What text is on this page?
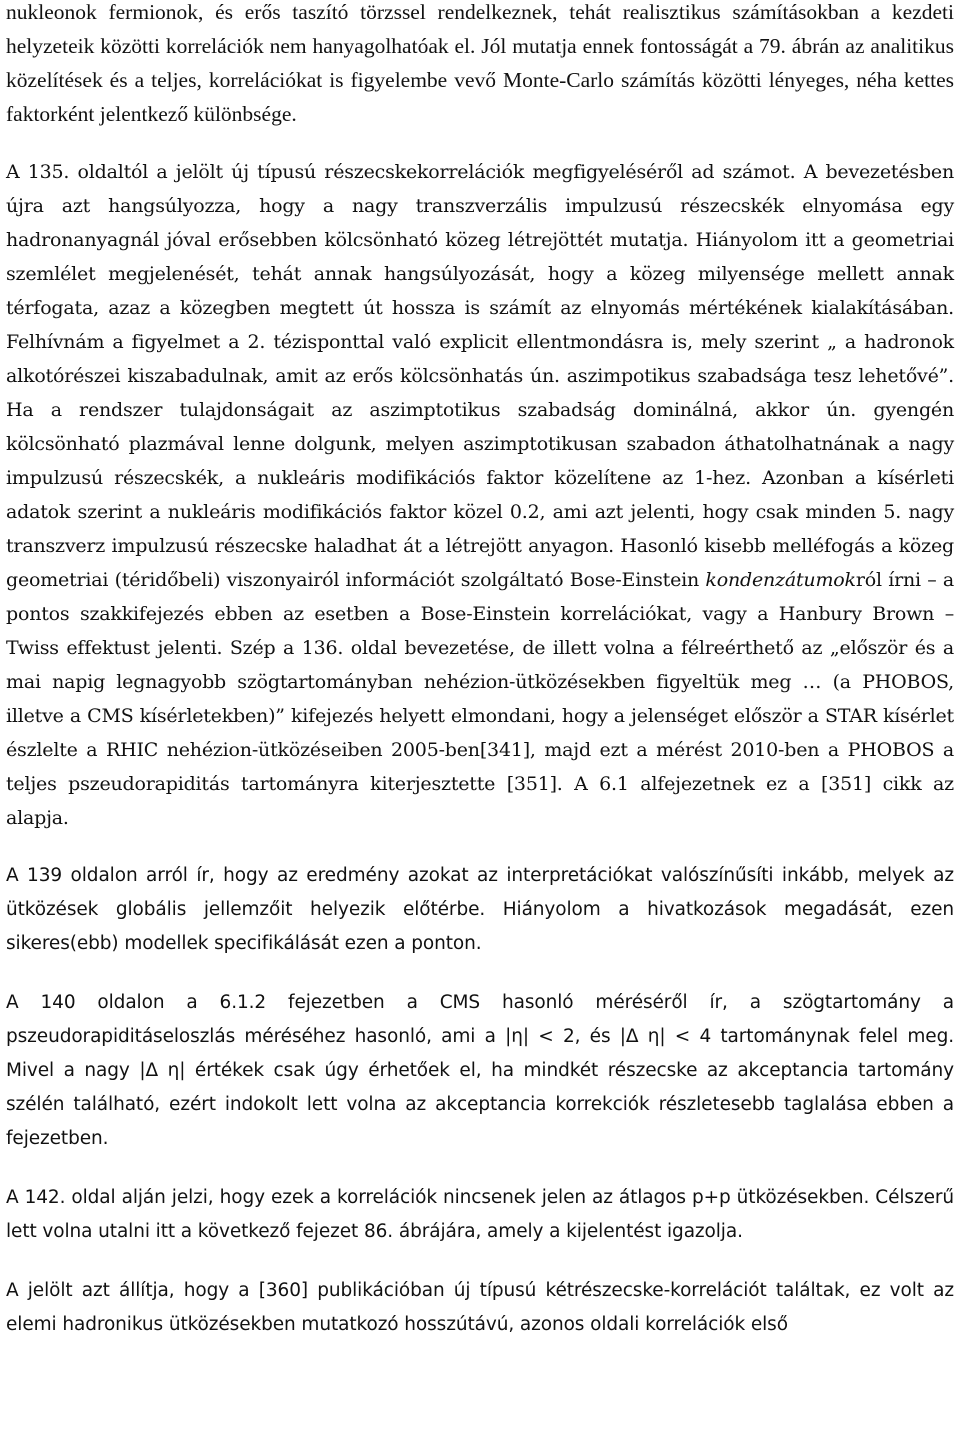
nukleonok fermionok, és erős taszító törzssel rendelkeznek, tehát realisztikus számításokban a kezdeti helyzeteik közötti korrelációk nem hanyagolhatóak el. Jól mutatja ennek fontosságát a 79. ábrán az analitikus közelítések és a teljes, korrelációkat is figyelembe vevő Monte-Carlo számítás közötti lényeges, néha kettes faktorként jelentkező különbsége.

A 135. oldaltól a jelölt új típusú részecskekorrelációk megfigyeléséről ad számot. A bevezetésben újra azt hangsúlyozza, hogy a nagy transzverzális impulzusú részecskék elnyomása egy hadronanyagnál jóval erősebben kölcsönható közeg létrejöttét mutatja. Hiányolom itt a geometriai szemlélet megjelenését, tehát annak hangsúlyozását, hogy a közeg milyensége mellett annak térfogata, azaz a közegben megtett út hossza is számít az elnyomás mértékének kialakításában. Felhívnám a figyelmet a 2. tézisponttal való explicit ellentmondásra is, mely szerint „ a hadronok alkotórészei kiszabadulnak, amit az erős kölcsönhatás ún. aszimpotikus szabadsága tesz lehetővé”. Ha a rendszer tulajdonságait az aszimptotikus szabadság dominálná, akkor ún. gyengén kölcsönható plazmával lenne dolgunk, melyen aszimptotikusan szabadon áthatolhatnának a nagy impulzusú részecskék, a nukleáris modifikációs faktor közelítene az 1-hez. Azonban a kísérleti adatok szerint a nukleáris modifikációs faktor közel 0.2, ami azt jelenti, hogy csak minden 5. nagy transzverz impulzusú részecske haladhat át a létrejött anyagon. Hasonló kisebb melléfogás a közeg geometriai (téridőbeli) viszonyairól információt szolgáltató Bose-Einstein kondenzátumokról írni – a pontos szakkifejezés ebben az esetben a Bose-Einstein korrelációkat, vagy a Hanbury Brown – Twiss effektust jelenti. Szép a 136. oldal bevezetése, de illett volna a félreérthető az „először és a mai napig legnagyobb szögtartományban nehézion-ütközésekben figyeltük meg … (a PHOBOS, illetve a CMS kísérletekben)” kifejezés helyett elmondani, hogy a jelenséget először a STAR kísérlet észlelte a RHIC nehézion-ütközéseiben 2005-ben[341], majd ezt a mérést 2010-ben a PHOBOS a teljes pszeudorapiditás tartományra kiterjesztette [351]. A 6.1 alfejezetnek ez a [351] cikk az alapja.

A 139 oldalon arról ír, hogy az eredmény azokat az interpretációkat valószínűsíti inkább, melyek az ütközések globális jellemzőit helyezik előtérbe. Hiányolom a hivatkozások megadását, ezen sikeres(ebb) modellek specifikálását ezen a ponton.

A 140 oldalon a 6.1.2 fejezetben a CMS hasonló méréséről ír, a szögtartomány a pszeudorapiditáseloszlás méréséhez hasonló, ami a |η| < 2, és |Δ η| < 4 tartománynak felel meg. Mivel a nagy |Δ η| értékek csak úgy érhetőek el, ha mindkét részecske az akceptancia tartomány szélén található, ezért indokolt lett volna az akceptancia korrekciók részletesebb taglalása ebben a fejezetben.

A 142. oldal alján jelzi, hogy ezek a korrelációk nincsenek jelen az átlagos p+p ütközésekben. Célszerű lett volna utalni itt a következő fejezet 86. ábrájára, amely a kijelentést igazolja.

A jelölt azt állítja, hogy a [360] publikációban új típusú kétrészecske-korrelációt találtak, ez volt az elemi hadronikus ütközésekben mutatkozó hosszútávú, azonos oldali korrelációk első
